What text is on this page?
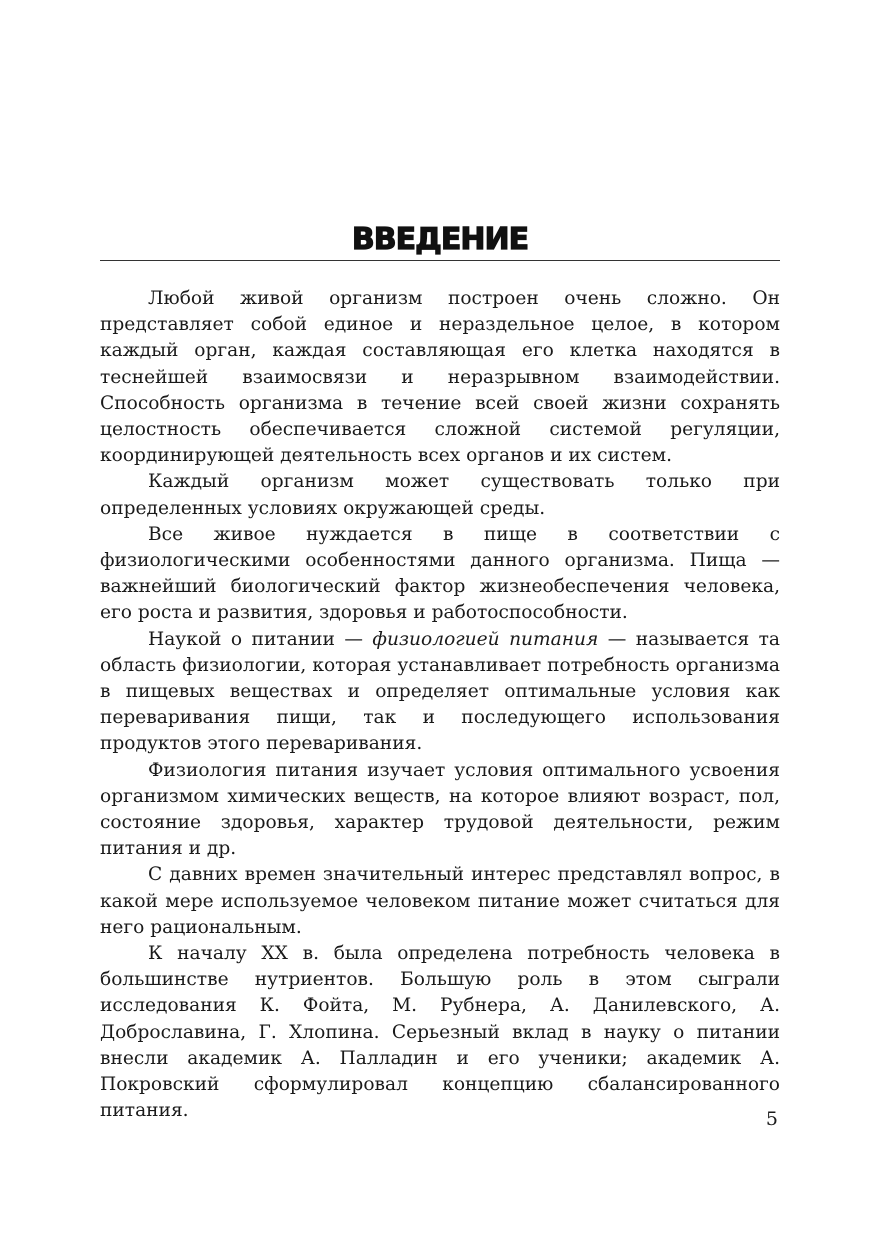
ВВЕДЕНИЕ

Любой живой организм построен очень сложно. Он представляет собой единое и нераздельное целое, в котором каждый орган, каждая составляющая его клетка находятся в теснейшей взаимосвязи и неразрывном взаимодействии. Способность организма в течение всей своей жизни сохранять целостность обеспечивается сложной системой регуляции, координирующей деятельность всех органов и их систем.

Каждый организм может существовать только при определенных условиях окружающей среды.

Все живое нуждается в пище в соответствии с физиологическими особенностями данного организма. Пища — важнейший биологический фактор жизнеобеспечения человека, его роста и развития, здоровья и работоспособности.

Наукой о питании — физиологией питания — называется та область физиологии, которая устанавливает потребность организма в пищевых веществах и определяет оптимальные условия как переваривания пищи, так и последующего использования продуктов этого переваривания.

Физиология питания изучает условия оптимального усвоения организмом химических веществ, на которое влияют возраст, пол, состояние здоровья, характер трудовой деятельности, режим питания и др.

С давних времен значительный интерес представлял вопрос, в какой мере используемое человеком питание может считаться для него рациональным.

К началу XX в. была определена потребность человека в большинстве нутриентов. Большую роль в этом сыграли исследования К. Фойта, М. Рубнера, А. Данилевского, А. Доброславина, Г. Хлопина. Серьезный вклад в науку о питании внесли академик А. Палладин и его ученики; академик А. Покровский сформулировал концепцию сбалансированного питания.	5
